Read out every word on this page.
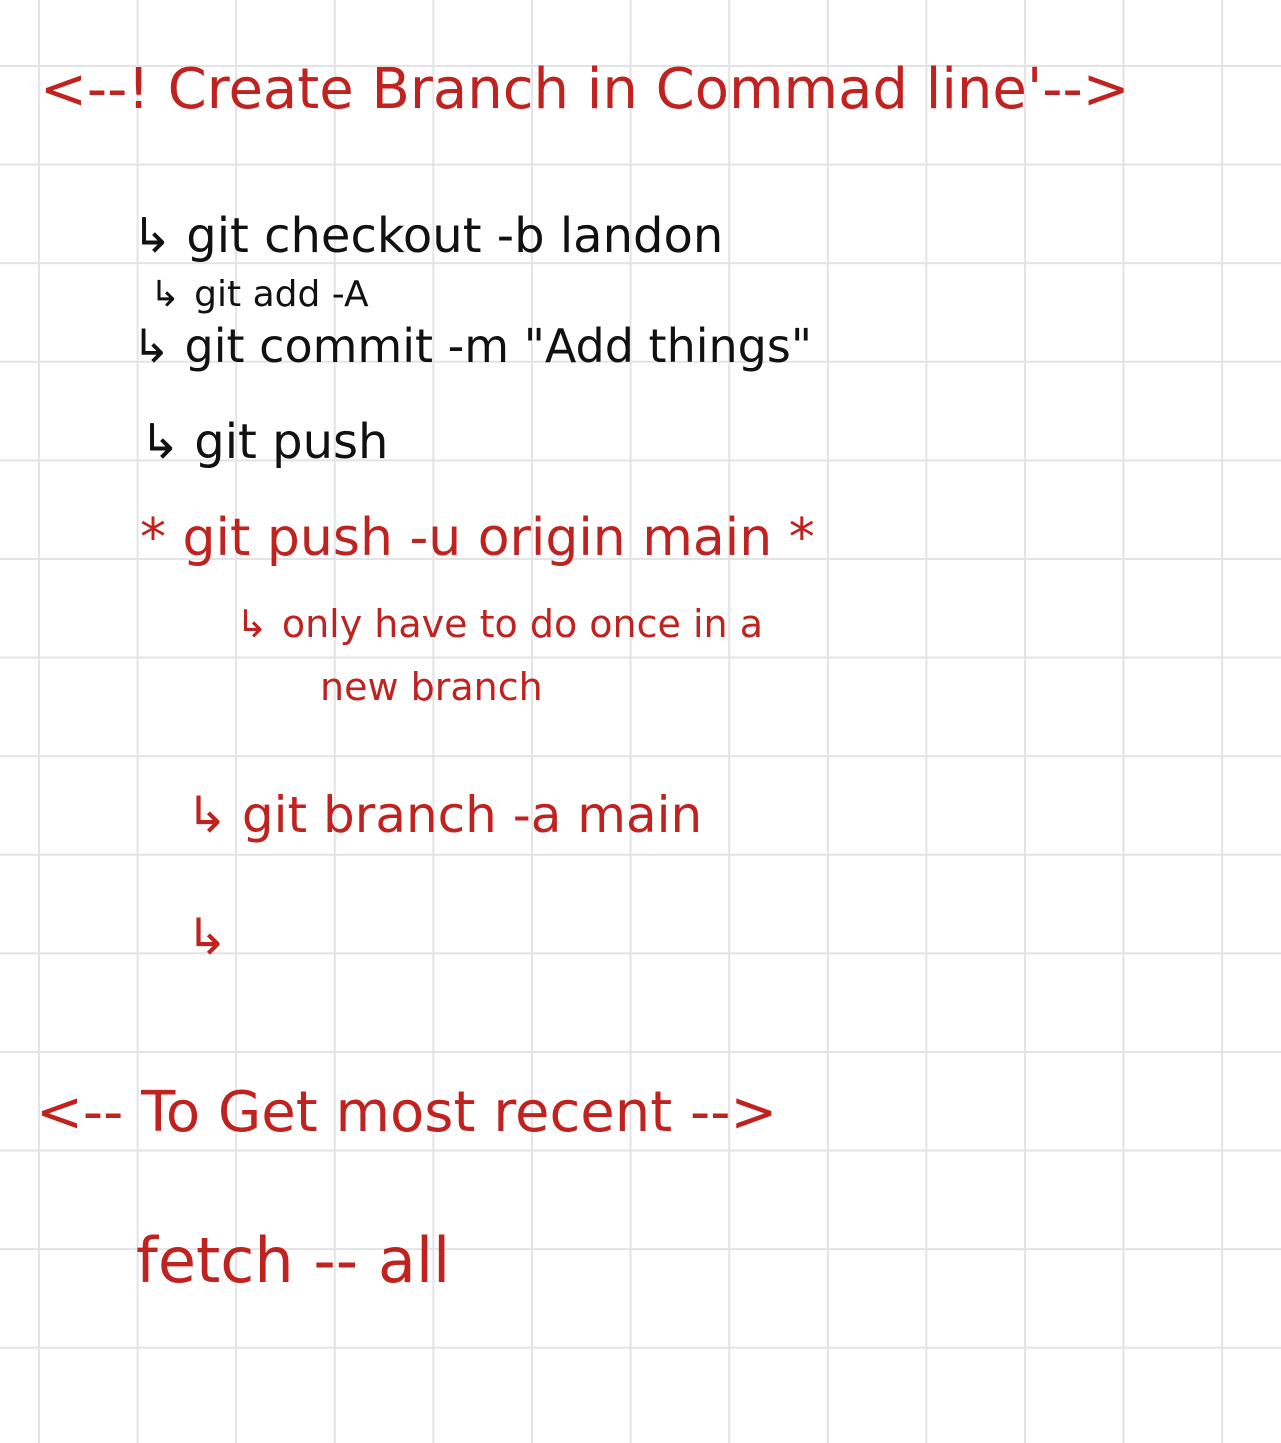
<--! Create Branch in Commad line'-->
↳ git checkout -b landon
↳ git add -A
↳ git commit -m "Add things"
↳ git push
* git push -u origin main *
↳ only have to do once in a
new branch
↳ git branch -a main
↳
<-- To Get most recent -->
fetch -- all
